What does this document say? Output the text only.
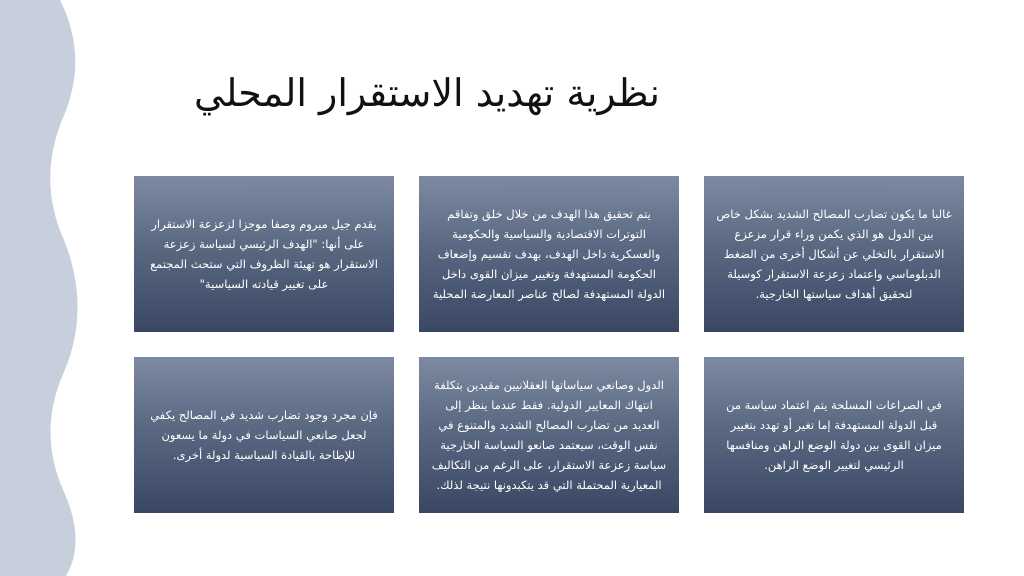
نظرية تهديد الاستقرار المحلي

غالبا ما يكون تضارب المصالح الشديد بشكل خاص بين الدول هو الذي يكمن وراء قرار مزعزع الاستقرار بالتخلي عن أشكال أخرى من الضغط الدبلوماسي واعتماد زعزعة الاستقرار كوسيلة لتحقيق أهداف سياستها الخارجية.

يتم تحقيق هذا الهدف من خلال خلق وتفاقم التوترات الاقتصادية والسياسية والحكومية والعسكرية داخل الهدف، بهدف تقسيم وإضعاف الحكومة المستهدفة وتغيير ميزان القوى داخل الدولة المستهدفة لصالح عناصر المعارضة المحلية

يقدم جيل ميروم وصفا موجزا لزعزعة الاستقرار على أنها: "الهدف الرئيسي لسياسة زعزعة الاستقرار هو تهيئة الظروف التي ستحث المجتمع على تغيير قيادته السياسية"

في الصراعات المسلحة يتم اعتماد سياسة من قبل الدولة المستهدفة إما تغير أو تهدد بتغيير ميزان القوى بين دولة الوضع الراهن ومنافسها الرئيسي لتغيير الوضع الراهن.

الدول وصانعي سياساتها العقلانيين مقيدين بتكلفة انتهاك المعايير الدولية. فقط عندما ينظر إلى العديد من تضارب المصالح الشديد والمتنوع في نفس الوقت، سيعتمد صانعو السياسة الخارجية سياسة زعزعة الاستقرار، على الرغم من التكاليف المعيارية المحتملة التي قد يتكبدونها نتيجة لذلك.

فإن مجرد وجود تضارب شديد في المصالح يكفي لجعل صانعي السياسات في دولة ما يسعون للإطاحة بالقيادة السياسية لدولة أخرى.
